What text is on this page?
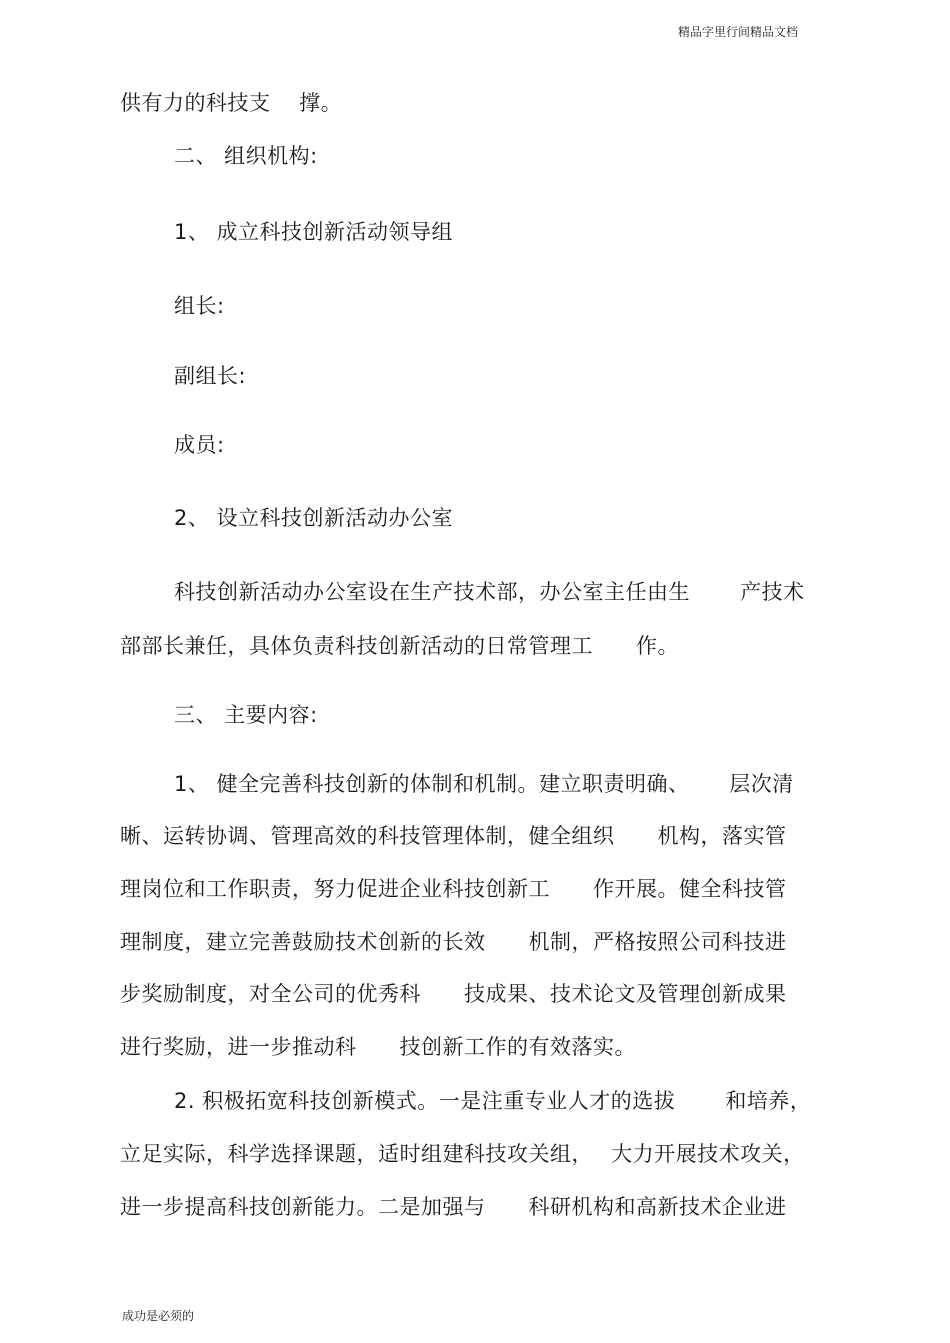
精品字里行间精品文档
供有力的科技支　 撑。
二、 组织机构:
1、 成立科技创新活动领导组
组长:
副组长:
成员:
2、 设立科技创新活动办公室
科技创新活动办公室设在生产技术部，办公室主任由生　　 产技术
部部长兼任，具体负责科技创新活动的日常管理工　　作。
三、 主要内容:
1、 健全完善科技创新的体制和机制。建立职责明确、　　 层次清
晰、运转协调、管理高效的科技管理体制，健全组织　　机构，落实管
理岗位和工作职责，努力促进企业科技创新工　　作开展。健全科技管
理制度，建立完善鼓励技术创新的长效　　机制，严格按照公司科技进
步奖励制度，对全公司的优秀科　　技成果、技术论文及管理创新成果
进行奖励，进一步推动科　　技创新工作的有效落实。
2. 积极拓宽科技创新模式。一是注重专业人才的选拔　　 和培养，
立足实际，科学选择课题，适时组建科技攻关组，　 大力开展技术攻关，
进一步提高科技创新能力。二是加强与　　科研机构和高新技术企业进
成功是必须的
